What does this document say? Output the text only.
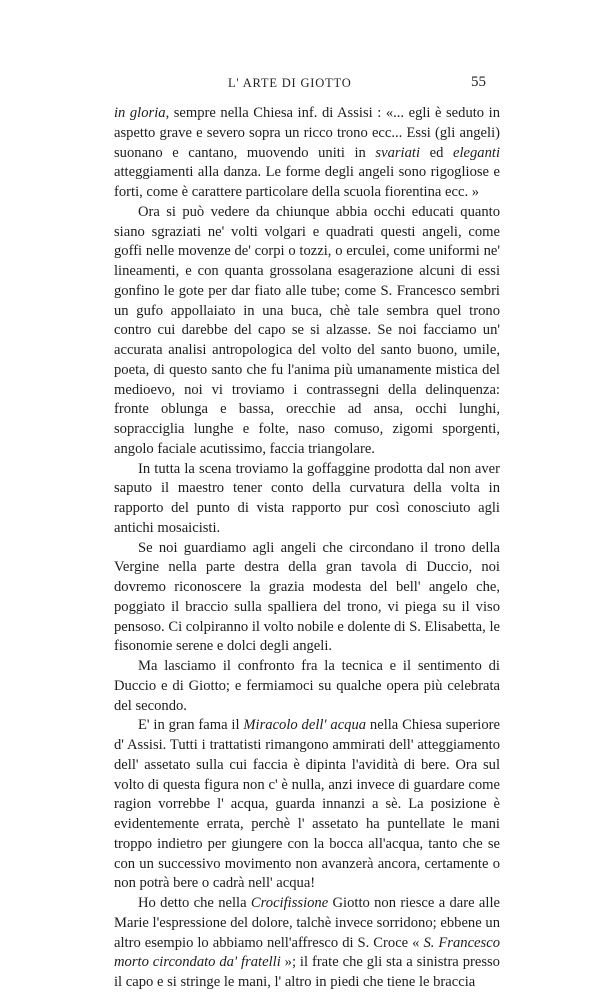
L' ARTE DI GIOTTO	55

in gloria, sempre nella Chiesa inf. di Assisi : «... egli è seduto in aspetto grave e severo sopra un ricco trono ecc... Essi (gli angeli) suonano e cantano, muovendo uniti in svariati ed eleganti atteggiamenti alla danza. Le forme degli angeli sono rigogliose e forti, come è carattere particolare della scuola fiorentina ecc. »

Ora si può vedere da chiunque abbia occhi educati quanto siano sgraziati ne' volti volgari e quadrati questi angeli, come goffi nelle movenze de' corpi o tozzi, o erculei, come uniformi ne' lineamenti, e con quanta grossolana esagerazione alcuni di essi gonfino le gote per dar fiato alle tube; come S. Francesco sembri un gufo appollaiato in una buca, chè tale sembra quel trono contro cui darebbe del capo se si alzasse. Se noi facciamo un' accurata analisi antropologica del volto del santo buono, umile, poeta, di questo santo che fu l'anima più umanamente mistica del medioevo, noi vi troviamo i contrassegni della delinquenza: fronte oblunga e bassa, orecchie ad ansa, occhi lunghi, sopracciglia lunghe e folte, naso comuso, zigomi sporgenti, angolo faciale acutissimo, faccia triangolare.

In tutta la scena troviamo la goffaggine prodotta dal non aver saputo il maestro tener conto della curvatura della volta in rapporto del punto di vista rapporto pur così conosciuto agli antichi mosaicisti.

Se noi guardiamo agli angeli che circondano il trono della Vergine nella parte destra della gran tavola di Duccio, noi dovremo riconoscere la grazia modesta del bell' angelo che, poggiato il braccio sulla spalliera del trono, vi piega su il viso pensoso. Ci colpiranno il volto nobile e dolente di S. Elisabetta, le fisonomie serene e dolci degli angeli.

Ma lasciamo il confronto fra la tecnica e il sentimento di Duccio e di Giotto; e fermiamoci su qualche opera più celebrata del secondo.

E' in gran fama il Miracolo dell' acqua nella Chiesa superiore d' Assisi. Tutti i trattatisti rimangono ammirati dell' atteggiamento dell' assetato sulla cui faccia è dipinta l'avidità di bere. Ora sul volto di questa figura non c' è nulla, anzi invece di guardare come ragion vorrebbe l' acqua, guarda innanzi a sè. La posizione è evidentemente errata, perchè l' assetato ha puntellate le mani troppo indietro per giungere con la bocca all'acqua, tanto che se con un successivo movimento non avanzerà ancora, certamente o non potrà bere o cadrà nell' acqua!

Ho detto che nella Crocifissione Giotto non riesce a dare alle Marie l'espressione del dolore, talchè invece sorridono; ebbene un altro esempio lo abbiamo nell'affresco di S. Croce « S. Francesco morto circondato da' fratelli »; il frate che gli sta a sinistra presso il capo e si stringe le mani, l' altro in piedi che tiene le braccia
